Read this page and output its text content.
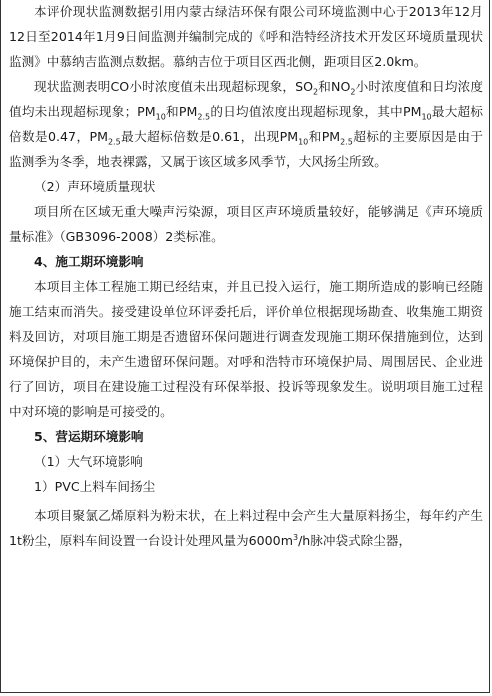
本评价现状监测数据引用内蒙古绿洁环保有限公司环境监测中心于2013年12月12日至2014年1月9日间监测并编制完成的《呼和浩特经济技术开发区环境质量现状监测》中慕纳吉监测点数据。慕纳吉位于项目区西北侧，距项目区2.0km。

现状监测表明CO小时浓度值未出现超标现象，$SO_2$和$NO_2$小时浓度值和日均浓度值均未出现超标现象；$PM_{10}$和$PM_{2.5}$的日均值浓度出现超标现象，其中$PM_{10}$最大超标倍数是0.47，$PM_{2.5}$最大超标倍数是0.61，出现$PM_{10}$和$PM_{2.5}$超标的主要原因是由于监测季为冬季，地表裸露，又属于该区域多风季节，大风扬尘所致。

（2）声环境质量现状

项目所在区域无重大噪声污染源，项目区声环境质量较好，能够满足《声环境质量标准》（GB3096-2008）2类标准。

4、施工期环境影响

本项目主体工程施工期已经结束，并且已投入运行，施工期所造成的影响已经随施工结束而消失。接受建设单位环评委托后，评价单位根据现场勘查、收集施工期资料及回访，对项目施工期是否遗留环保问题进行调查发现施工期环保措施到位，达到环境保护目的，未产生遗留环保问题。对呼和浩特市环境保护局、周围居民、企业进行了回访，项目在建设施工过程没有环保举报、投诉等现象发生。说明项目施工过程中对环境的影响是可接受的。

5、营运期环境影响

（1）大气环境影响

1）PVC上料车间扬尘

本项目聚氯乙烯原料为粉末状，在上料过程中会产生大量原料扬尘，每年约产生1t粉尘，原料车间设置一台设计处理风量为$6000m^3/h$脉冲袋式除尘器，
